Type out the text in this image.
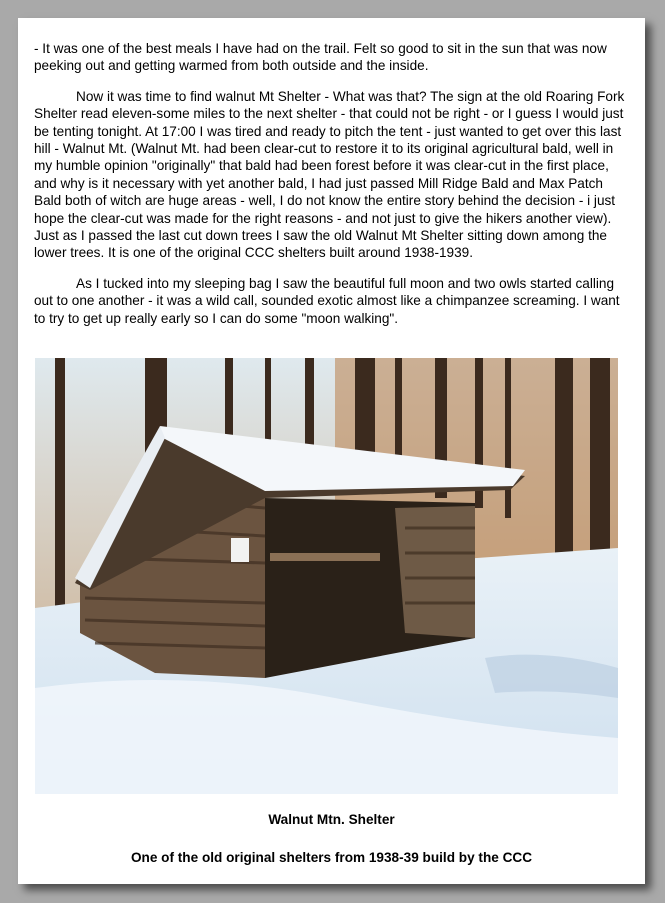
- It was one of the best meals I have had on the trail. Felt so good to sit in the sun that was now peeking out and getting warmed from both outside and the inside.

Now it was time to find walnut Mt Shelter - What was that? The sign at the old Roaring Fork Shelter read eleven-some miles to the next shelter - that could not be right - or I guess I would just be tenting tonight. At 17:00 I was tired and ready to pitch the tent - just wanted to get over this last hill - Walnut Mt. (Walnut Mt. had been clear-cut to restore it to its original agricultural bald, well in my humble opinion "originally" that bald had been forest before it was clear-cut in the first place, and why is it necessary with yet another bald, I had just passed Mill Ridge Bald and Max Patch Bald both of witch are huge areas - well, I do not know the entire story behind the decision - i just hope the clear-cut was made for the right reasons - and not just to give the hikers another view). Just as I passed the last cut down trees I saw the old Walnut Mt Shelter sitting down among the lower trees. It is one of the original CCC shelters built around 1938-1939.

As I tucked into my sleeping bag I saw the beautiful full moon and two owls started calling out to one another - it was a wild call, sounded exotic almost like a chimpanzee screaming. I want to try to get up really early so I can do some "moon walking".

Walnut Mtn. Shelter
One of the old original shelters from 1938-39 build by the CCC
